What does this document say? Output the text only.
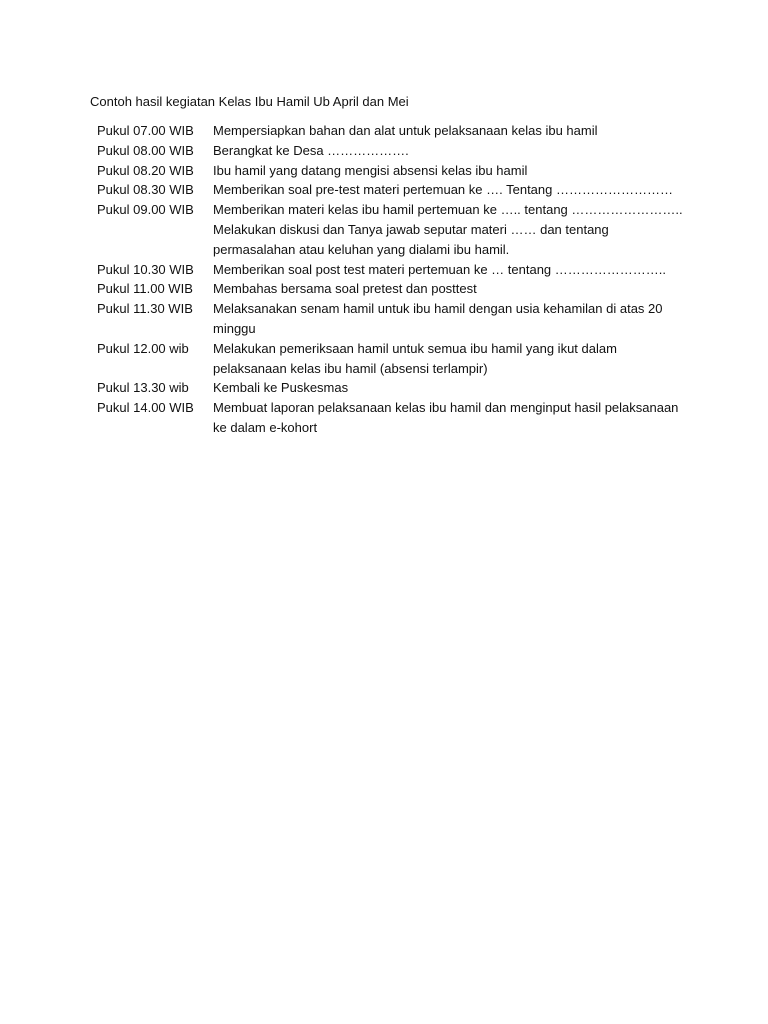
Contoh hasil kegiatan Kelas Ibu Hamil Ub April dan Mei
Pukul 07.00 WIB	Mempersiapkan bahan dan alat untuk pelaksanaan kelas ibu hamil
Pukul 08.00 WIB	Berangkat ke Desa ……………….
Pukul 08.20 WIB	Ibu hamil yang datang mengisi absensi kelas ibu hamil
Pukul 08.30 WIB	Memberikan soal pre-test materi pertemuan ke …. Tentang ………………………
Pukul 09.00 WIB	Memberikan materi kelas ibu hamil pertemuan ke ….. tentang ……………………..
Melakukan diskusi dan Tanya jawab seputar materi …… dan tentang
permasalahan atau keluhan yang dialami ibu hamil.
Pukul 10.30 WIB	Memberikan soal post test materi pertemuan ke … tentang ……………………..
Pukul 11.00 WIB	Membahas bersama soal pretest dan posttest
Pukul 11.30 WIB	Melaksanakan senam hamil untuk ibu hamil dengan usia kehamilan di atas 20
minggu
Pukul 12.00 wib	Melakukan pemeriksaan hamil untuk semua ibu hamil yang ikut dalam
pelaksanaan kelas ibu hamil (absensi terlampir)
Pukul 13.30 wib	Kembali ke Puskesmas
Pukul 14.00 WIB	Membuat laporan pelaksanaan kelas ibu hamil dan menginput hasil pelaksanaan
ke dalam e-kohort
